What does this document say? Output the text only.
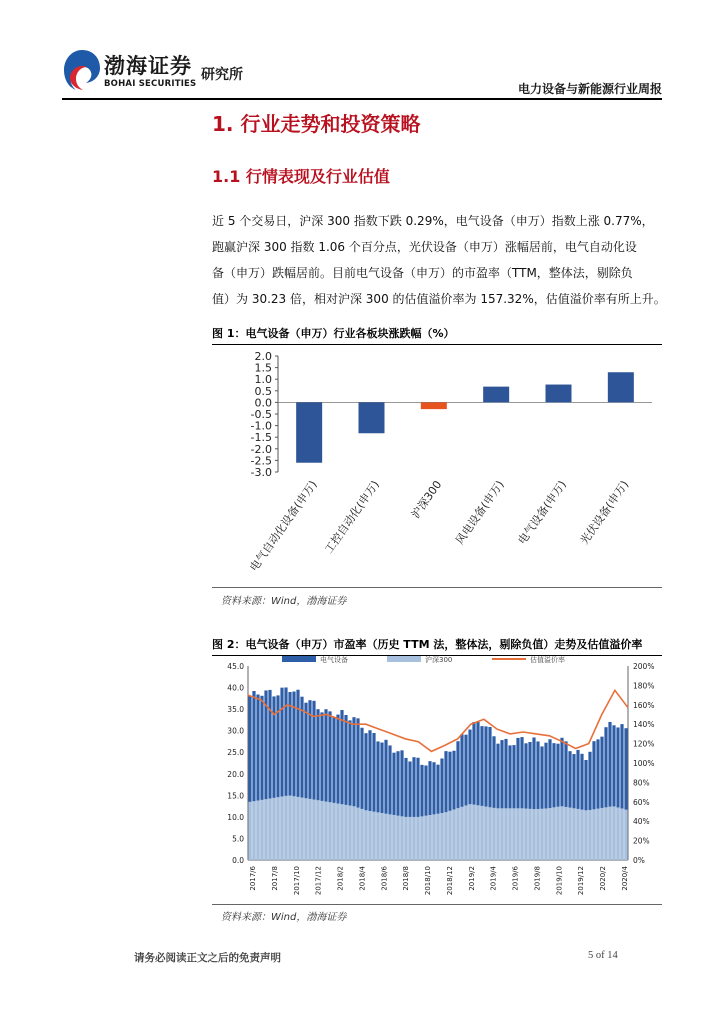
渤海证券
BOHAI SECURITIES
研究所
电力设备与新能源行业周报
1. 行业走势和投资策略
1.1 行情表现及行业估值
近 5 个交易日，沪深 300 指数下跌 0.29%，电气设备（申万）指数上涨 0.77%，
跑赢沪深 300 指数 1.06 个百分点，光伏设备（申万）涨幅居前，电气自动化设
备（申万）跌幅居前。目前电气设备（申万）的市盈率（TTM，整体法，剔除负
值）为 30.23 倍，相对沪深 300 的估值溢价率为 157.32%，估值溢价率有所上升。
图 1：电气设备（申万）行业各板块涨跌幅（%）
2.0
1.5
1.0
0.5
0.0
-0.5
-1.0
-1.5
-2.0
-2.5
-3.0
电气自动化设备(申万) 工控自动化(申万) 沪深300 风电设备(申万) 电气设备(申万) 光伏设备(申万)
资料来源：Wind，渤海证券
图 2：电气设备（申万）市盈率（历史 TTM 法，整体法，剔除负值）走势及估值溢价率
45.0
40.0
35.0
30.0
25.0
20.0
15.0
10.0
5.0
0.0
200%
180%
160%
140%
120%
100%
80%
60%
40%
20%
0%
电气设备	沪深300	估值溢价率
2017/6 2017/8 2017/10 2017/12 2018/2 2018/4 2018/6 2018/8 2018/10 2018/12 2019/2 2019/4 2019/6 2019/8 2019/10 2019/12 2020/2 2020/4
资料来源：Wind，渤海证券
请务必阅读正文之后的免责声明	5 of 14
